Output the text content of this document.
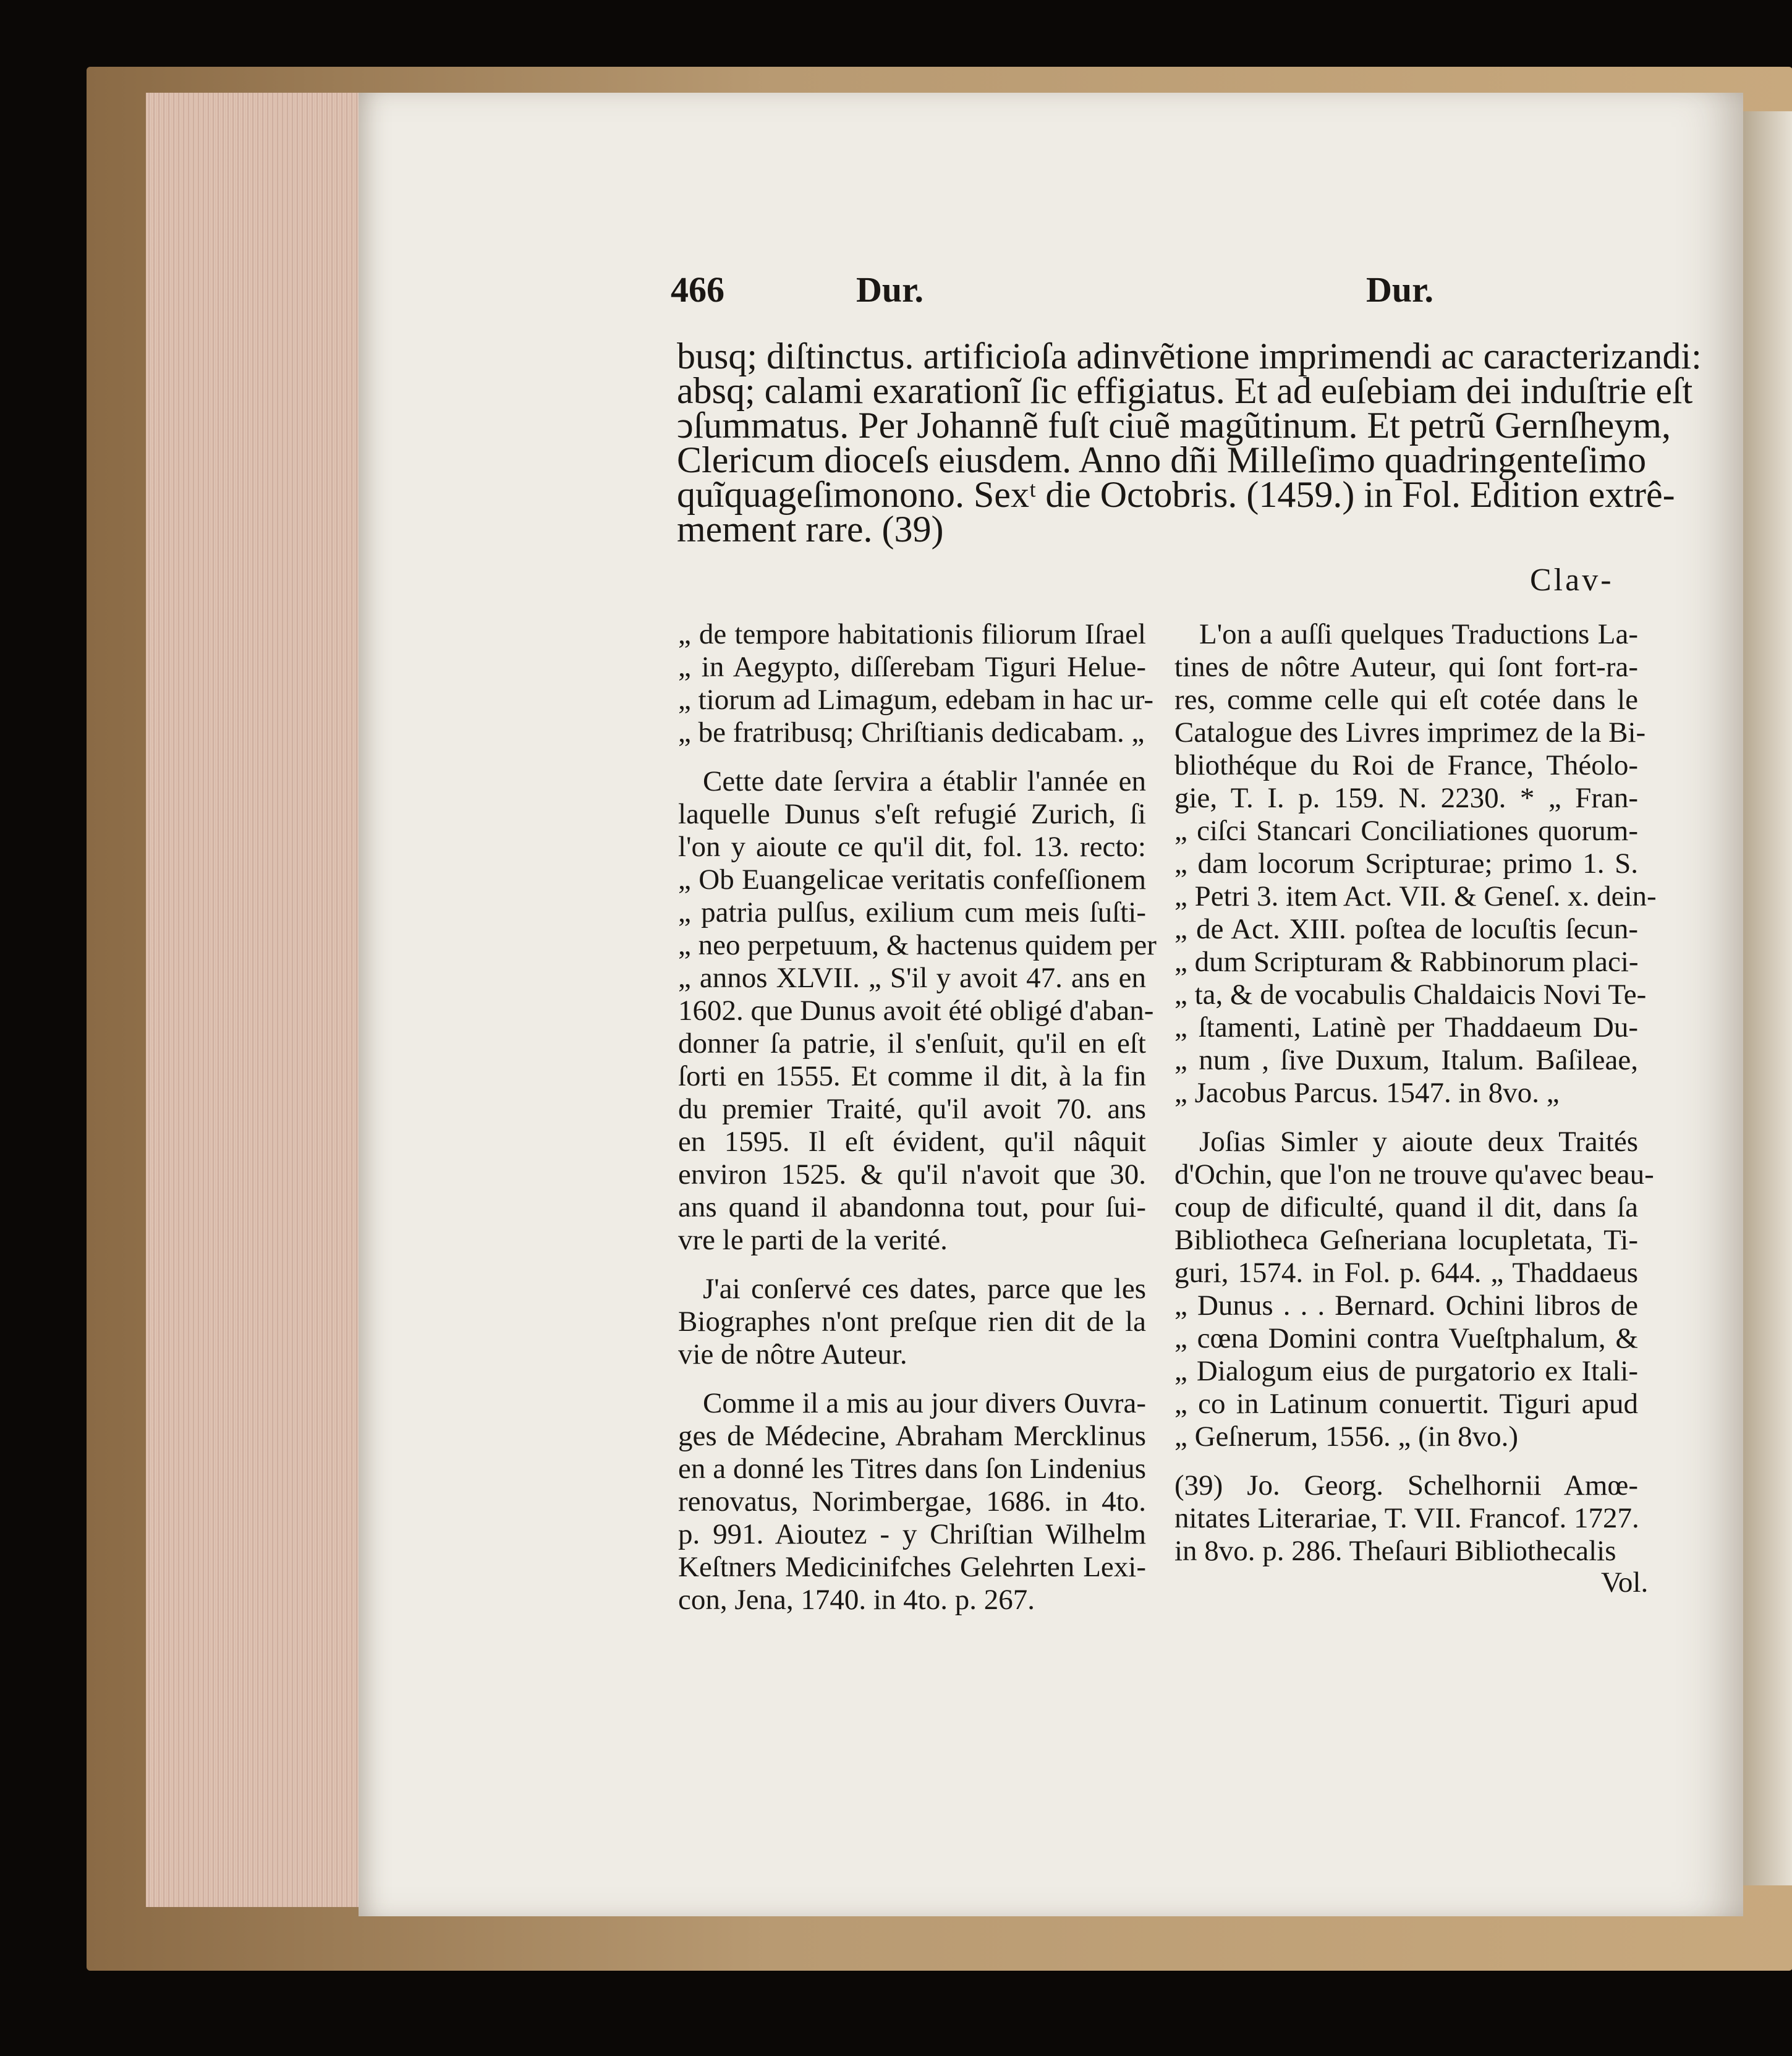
466	Dur.	Dur.
busq; diſtinctus. artificioſa adinvẽtione imprimendi ac caracterizandi:
absq; calami exarationĩ ſic effigiatus. Et ad euſebiam dei induſtrie eſt
ↄſummatus. Per Johannẽ fuſt ciuẽ magũtinum. Et petrũ Gernſheym,
Clericum dioceſs eiusdem. Anno dñi Milleſimo quadringenteſimo
quĩquageſimonono. Sexᵗ die Octobris. (1459.) in Fol. Edition extrê-
mement rare. (39)
Clav-
„ de tempore habitationis filiorum Iſrael
„ in Aegypto, diſſerebam Tiguri Helue-
„ tiorum ad Limagum, edebam in hac ur-
„ be fratribusq; Chriſtianis dedicabam. „
Cette date ſervira a établir l'année en
laquelle Dunus s'eſt refugié Zurich, ſi
l'on y aioute ce qu'il dit, fol. 13. recto:
„ Ob Euangelicae veritatis confeſſionem
„ patria pulſus, exilium cum meis ſuſti-
„ neo perpetuum, & hactenus quidem per
„ annos XLVII. „ S'il y avoit 47. ans en
1602. que Dunus avoit été obligé d'aban-
donner ſa patrie, il s'enſuit, qu'il en eſt
ſorti en 1555. Et comme il dit, à la fin
du premier Traité, qu'il avoit 70. ans
en 1595. Il eſt évident, qu'il nâquit
environ 1525. & qu'il n'avoit que 30.
ans quand il abandonna tout, pour ſui-
vre le parti de la verité.
J'ai conſervé ces dates, parce que les
Biographes n'ont preſque rien dit de la
vie de nôtre Auteur.
Comme il a mis au jour divers Ouvra-
ges de Médecine, Abraham Mercklinus
en a donné les Titres dans ſon Lindenius
renovatus, Norimbergae, 1686. in 4to.
p. 991. Aioutez - y Chriſtian Wilhelm
Keſtners Medicinifches Gelehrten Lexi-
con, Jena, 1740. in 4to. p. 267.
L'on a auſſi quelques Traductions La-
tines de nôtre Auteur, qui ſont fort-ra-
res, comme celle qui eſt cotée dans le
Catalogue des Livres imprimez de la Bi-
bliothéque du Roi de France, Théolo-
gie, T. I. p. 159. N. 2230. * „ Fran-
„ ciſci Stancari Conciliationes quorum-
„ dam locorum Scripturae; primo 1. S.
„ Petri 3. item Act. VII. & Geneſ. x. dein-
„ de Act. XIII. poſtea de locuſtis ſecun-
„ dum Scripturam & Rabbinorum placi-
„ ta, & de vocabulis Chaldaicis Novi Te-
„ ſtamenti, Latinè per Thaddaeum Du-
„ num , ſive Duxum, Italum. Baſileae,
„ Jacobus Parcus. 1547. in 8vo. „
Joſias Simler y aioute deux Traités
d'Ochin, que l'on ne trouve qu'avec beau-
coup de dificulté, quand il dit, dans ſa
Bibliotheca Geſneriana locupletata, Ti-
guri, 1574. in Fol. p. 644. „ Thaddaeus
„ Dunus . . . Bernard. Ochini libros de
„ cœna Domini contra Vueſtphalum, &
„ Dialogum eius de purgatorio ex Itali-
„ co in Latinum conuertit. Tiguri apud
„ Geſnerum, 1556. „ (in 8vo.)
(39) Jo. Georg. Schelhornii Amœ-
nitates Literariae, T. VII. Francof. 1727.
in 8vo. p. 286. Theſauri Bibliothecalis
Vol.
